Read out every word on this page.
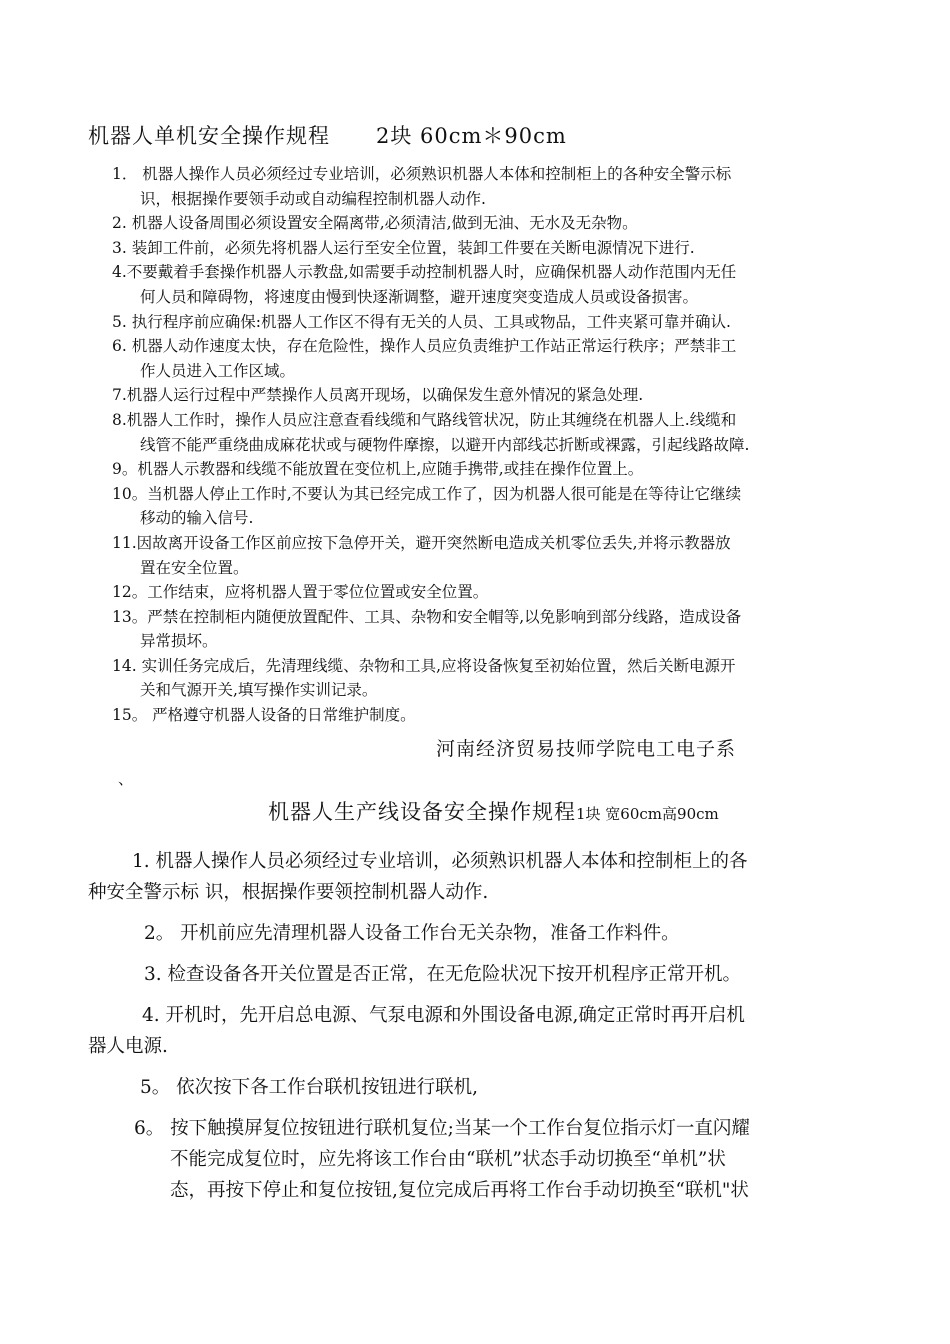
机器人单机安全操作规程 2块 60cm＊90cm
1． 机器人操作人员必须经过专业培训，必须熟识机器人本体和控制柜上的各种安全警示标
识，根据操作要领手动或自动编程控制机器人动作.
2. 机器人设备周围必须设置安全隔离带,必须清洁,做到无油、无水及无杂物。
3. 装卸工件前，必须先将机器人运行至安全位置，装卸工件要在关断电源情况下进行.
4.不要戴着手套操作机器人示教盘,如需要手动控制机器人时，应确保机器人动作范围内无任
何人员和障碍物，将速度由慢到快逐渐调整，避开速度突变造成人员或设备损害。
5. 执行程序前应确保:机器人工作区不得有无关的人员、工具或物品，工件夹紧可靠并确认.
6. 机器人动作速度太快，存在危险性，操作人员应负责维护工作站正常运行秩序；严禁非工
作人员进入工作区域。
7.机器人运行过程中严禁操作人员离开现场，以确保发生意外情况的紧急处理.
8.机器人工作时，操作人员应注意查看线缆和气路线管状况，防止其缠绕在机器人上.线缆和
线管不能严重绕曲成麻花状或与硬物件摩擦，以避开内部线芯折断或裸露，引起线路故障.
9。机器人示教器和线缆不能放置在变位机上,应随手携带,或挂在操作位置上。
10。当机器人停止工作时,不要认为其已经完成工作了，因为机器人很可能是在等待让它继续
移动的输入信号.
11.因故离开设备工作区前应按下急停开关，避开突然断电造成关机零位丢失,并将示教器放
置在安全位置。
12。工作结束，应将机器人置于零位位置或安全位置。
13。严禁在控制柜内随便放置配件、工具、杂物和安全帽等,以免影响到部分线路，造成设备
异常损坏。
14. 实训任务完成后，先清理线缆、杂物和工具,应将设备恢复至初始位置，然后关断电源开
关和气源开关,填写操作实训记录。
15。 严格遵守机器人设备的日常维护制度。
河南经济贸易技师学院电工电子系
、
机器人生产线设备安全操作规程1块 宽60cm高90cm
1. 机器人操作人员必须经过专业培训，必须熟识机器人本体和控制柜上的各
种安全警示标 识，根据操作要领控制机器人动作.
2。 开机前应先清理机器人设备工作台无关杂物，准备工作料件。
3. 检查设备各开关位置是否正常，在无危险状况下按开机程序正常开机。
4. 开机时，先开启总电源、气泵电源和外围设备电源,确定正常时再开启机
器人电源.
5。 依次按下各工作台联机按钮进行联机,
6。 按下触摸屏复位按钮进行联机复位;当某一个工作台复位指示灯一直闪耀
不能完成复位时，应先将该工作台由“联机”状态手动切换至“单机”状
态，再按下停止和复位按钮,复位完成后再将工作台手动切换至“联机"状
